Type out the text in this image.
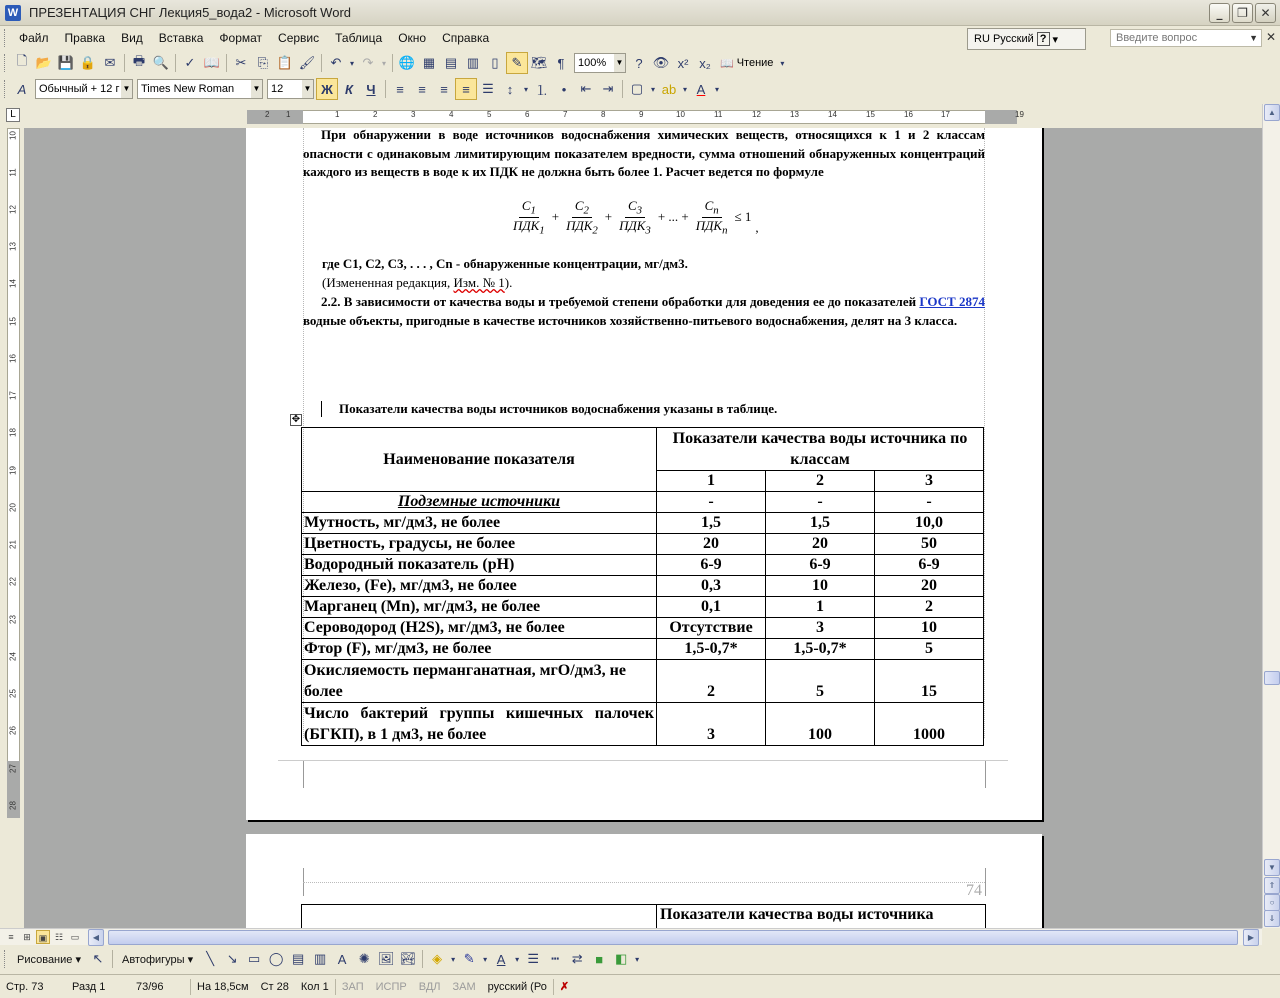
W ПРЕЗЕНТАЦИЯ СНГ Лекция5_вода2 - Microsoft Word	_	❐	✕
Файл	Правка	Вид	Вставка	Формат	Сервис	Таблица	Окно	Справка	RU Русский ? ▾	Введите вопрос	▼ ✕
🗋 📂 💾 🔒 ✉	🖶 🔍	✓ 📖	✂ ⎘ 📋 🖌	↶	▾ ↷	▾ 🌐 ▦ ▤ ▥ ▯ ✎ 🗺 ¶	100% ▼ ? 👁 x² x₂ 📖 Чтение ▾
A	Обычный + 12 г ▼ Times New Roman ▼ 12	▼ Ж К	Ч	≡	≡	≡	≡ ☰ ↕	▾ ⒈	•	⇤ ⇥	▢ ▾ ab ▾ A	▾
L	2 1	1	2	3	4	5	6	7	8	9	10	11	12	13	14	15	16	17	19
10
11
12
13
14
15
16
17
18
19
20
21
22
23
24
25
26
27
28
При обнаружении в воде источников водоснабжения химических веществ, относящихся к 1 и 2 классам опасности с одинаковым лимитирующим показателем вредности, сумма отношений обнаруженных концентраций каждого из веществ в воде к их ПДК не должна быть более 1. Расчет ведется по формуле
$\frac{C_1}{ПДК_1} + \frac{C_2}{ПДК_2} + \frac{C_3}{ПДК_3}$ + ... + $\frac{C_n}{ПДК_n} \le 1$
,
где C1, C2, C3, . . . , Cn - обнаруженные концентрации, мг/дм3.
(Измененная редакция, Изм. № 1).
2.2. В зависимости от качества воды и требуемой степени обработки для доведения ее до показателей ГОСТ 2874 водные объекты, пригодные в качестве источников хозяйственно-питьевого водоснабжения, делят на 3 класса.
Показатели качества воды источников водоснабжения указаны в таблице.
✥
Наименование показателя	Показатели качества воды источника по классам		
	1	2	3
Подземные источники	-	-	-
Мутность, мг/дм3, не более	1,5	1,5	10,0
Цветность, градусы, не более	20	20	50
Водородный показатель (рН)	6-9	6-9	6-9
Железо, (Fe), мг/дм3, не более	0,3	10	20
Марганец (Mn), мг/дм3, не более	0,1	1	2
Сероводород (H2S), мг/дм3, не более	Отсутствие	3	10
Фтор (F), мг/дм3, не более	1,5-0,7*	1,5-0,7*	5
Окисляемость перманганатная, мгО/дм3, не более	2	5	15
Число бактерий группы кишечных палочек (БГКП), в 1 дм3, не более	3	100	1000
74
Показатели качества воды источника
▲
▼
⇑
○
⇓
≡	⊞ ▣ ☷ ▭	◀	▶
Рисование ▾ ↖	Автофигуры ▾	╲ ↘ ▭ ◯ ▤ ▥ A ✺ 🖼 🏞	◈	▾ ✎	▾ A	▾ ☰ ┅ ⇄ ■ ◧ ▾
Стр. 73	Разд 1	73/96	На 18,5см	Ст 28	Кол 1	ЗАП	ИСПР	ВДЛ	ЗАМ	русский (Ро	✗
